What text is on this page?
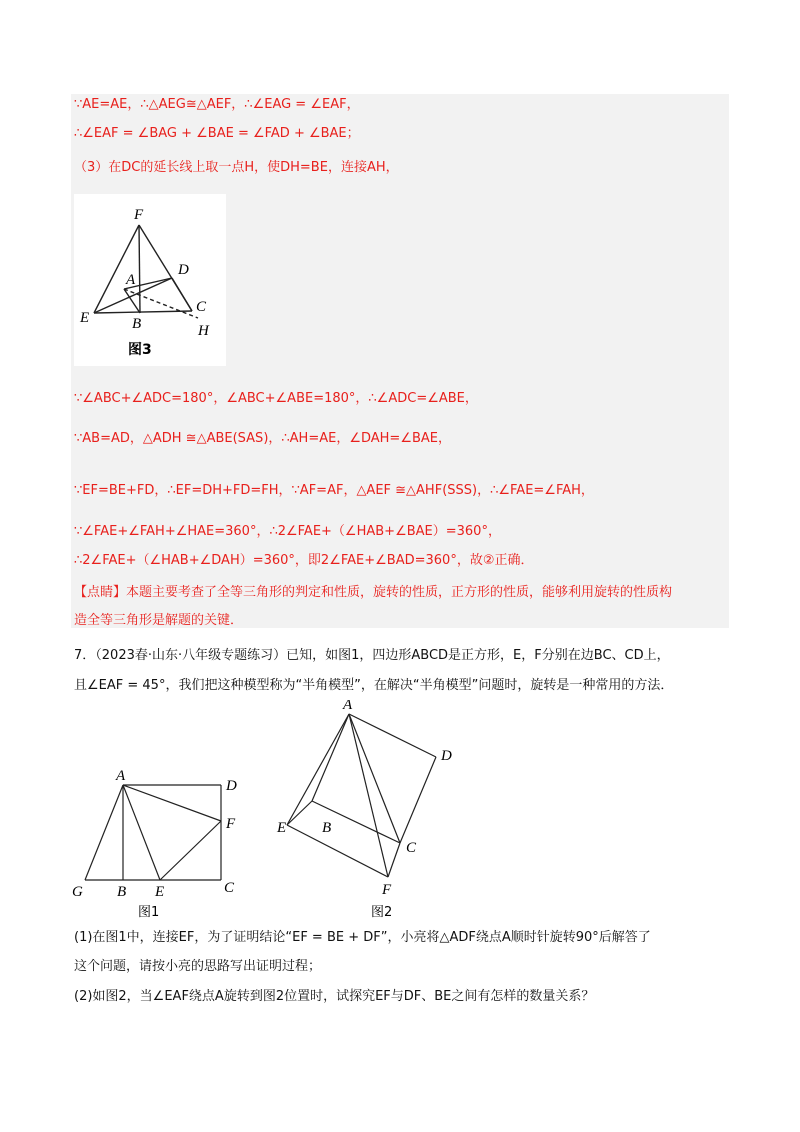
∵AE=AE，∴△AEG≅△AEF，∴∠EAG = ∠EAF，
∴∠EAF = ∠BAG + ∠BAE = ∠FAD + ∠BAE；
（3）在DC的延长线上取一点H，使DH=BE，连接AH，
F
D
A
C
E	B	H
图3
∵∠ABC+∠ADC=180°，∠ABC+∠ABE=180°，∴∠ADC=∠ABE，
∵AB=AD，△ADH ≅△ABE(SAS)，∴AH=AE，∠DAH=∠BAE，
∵EF=BE+FD，∴EF=DH+FD=FH，∵AF=AF，△AEF ≅△AHF(SSS)，∴∠FAE=∠FAH，
∵∠FAE+∠FAH+∠HAE=360°，∴2∠FAE+（∠HAB+∠BAE）=360°，
∴2∠FAE+（∠HAB+∠DAH）=360°，即2∠FAE+∠BAD=360°，故②正确．
【点睛】本题主要考查了全等三角形的判定和性质，旋转的性质，正方形的性质，能够利用旋转的性质构
造全等三角形是解题的关键．
7．（2023春·山东·八年级专题练习）已知，如图1，四边形ABCD是正方形，E，F分别在边BC、CD上，
且∠EAF = 45°，我们把这种模型称为“半角模型”，在解决“半角模型”问题时，旋转是一种常用的方法．
A
D
F
G B E	C
图1
A
D
E B
C
F
图2
(1)在图1中，连接EF，为了证明结论“EF = BE + DF”，小亮将△ADF绕点A顺时针旋转90°后解答了
这个问题，请按小亮的思路写出证明过程；
(2)如图2，当∠EAF绕点A旋转到图2位置时，试探究EF与DF、BE之间有怎样的数量关系？
